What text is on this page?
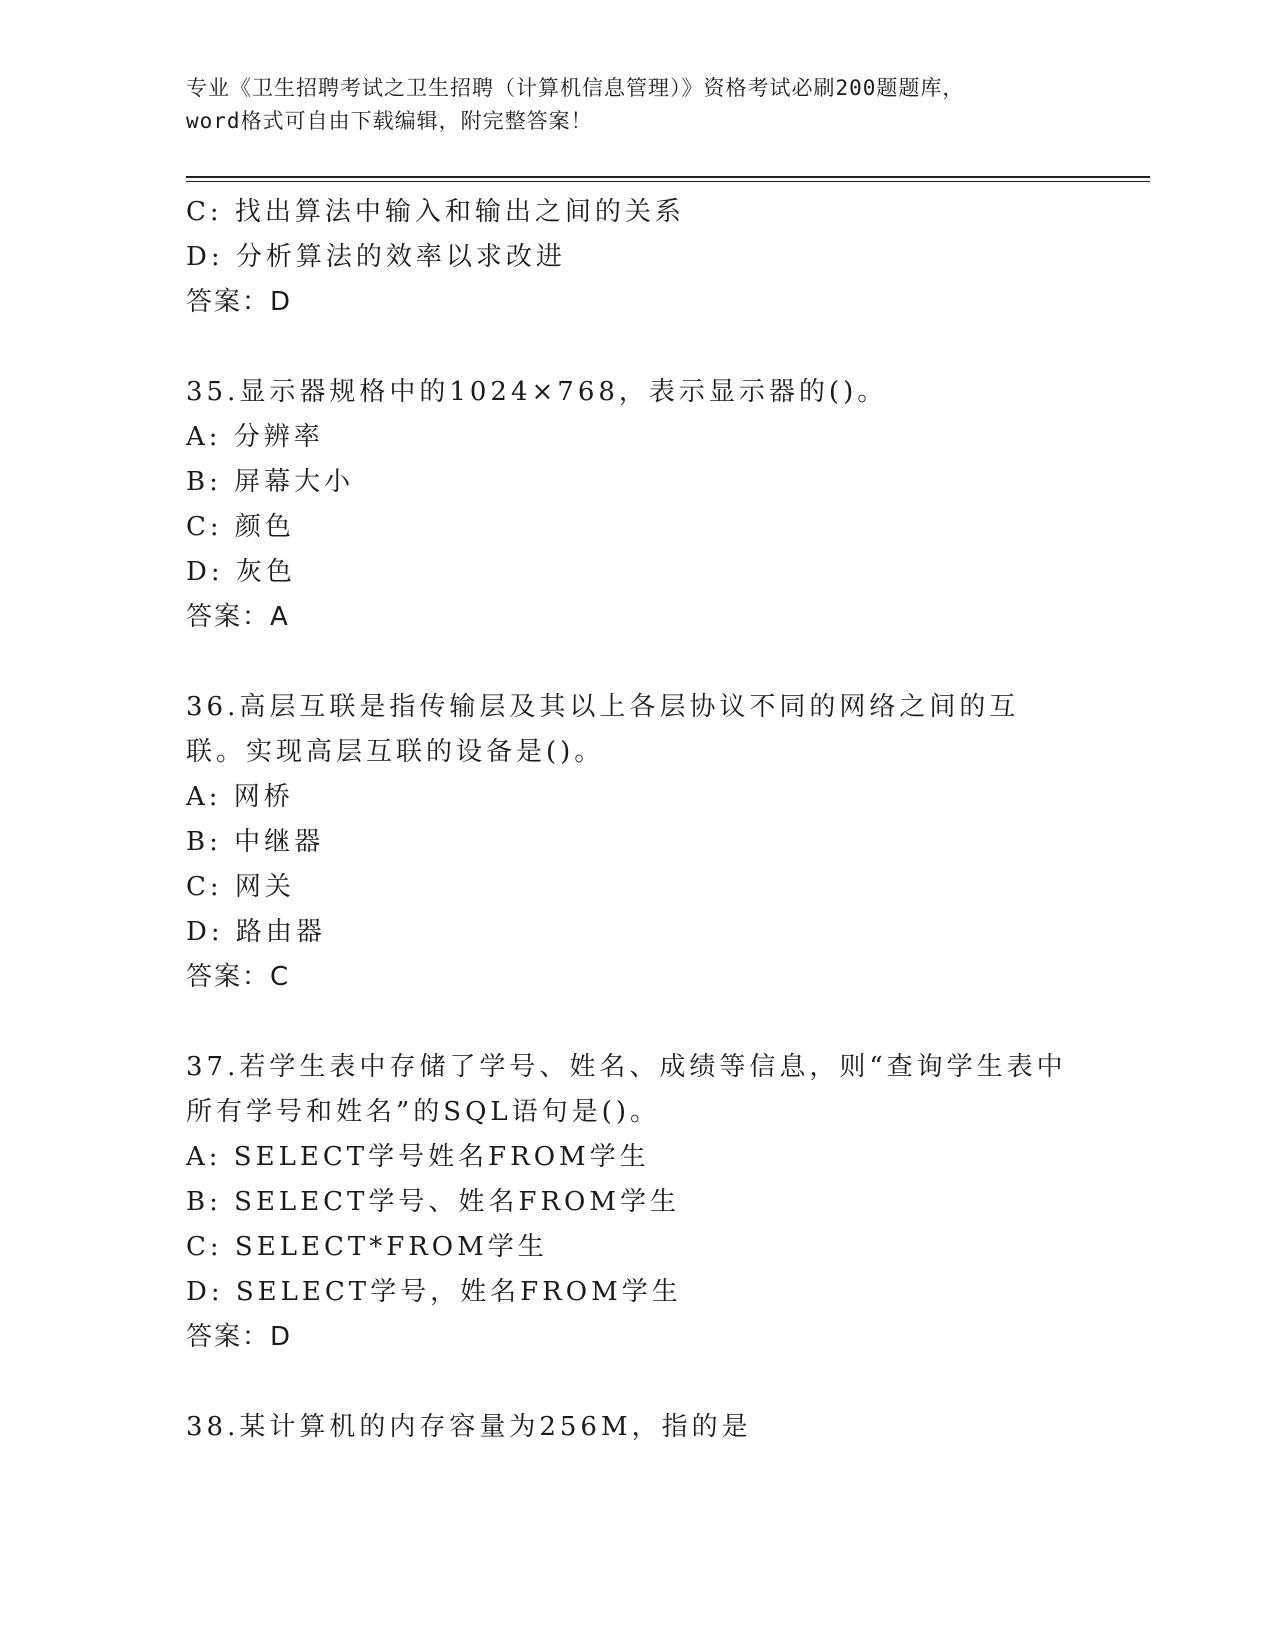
专业《卫生招聘考试之卫生招聘（计算机信息管理）》资格考试必刷200题题库，
word格式可自由下载编辑，附完整答案！
C: 找出算法中输入和输出之间的关系
D: 分析算法的效率以求改进
答案：D
35.显示器规格中的1024×768，表示显示器的()。
A: 分辨率
B: 屏幕大小
C: 颜色
D: 灰色
答案：A
36.高层互联是指传输层及其以上各层协议不同的网络之间的互联。实现高层互联的设备是()。
A: 网桥
B: 中继器
C: 网关
D: 路由器
答案：C
37.若学生表中存储了学号、姓名、成绩等信息，则“查询学生表中所有学号和姓名”的SQL语句是()。
A: SELECT学号姓名FROM学生
B: SELECT学号、姓名FROM学生
C: SELECT*FROM学生
D: SELECT学号，姓名FROM学生
答案：D
38.某计算机的内存容量为256M，指的是
